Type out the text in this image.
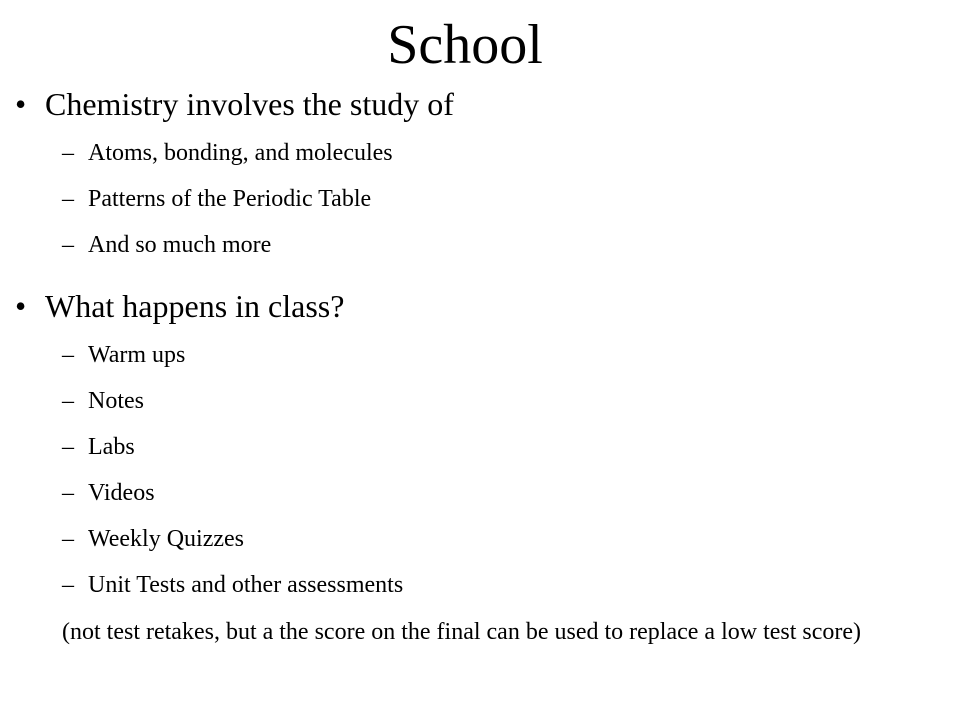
School
• Chemistry involves the study of
– Atoms, bonding, and molecules
– Patterns of the Periodic Table
– And so much more
• What happens in class?
– Warm ups
– Notes
– Labs
– Videos
– Weekly Quizzes
– Unit Tests and other assessments
(not test retakes, but a the score on the final can be used to replace a low test score)
